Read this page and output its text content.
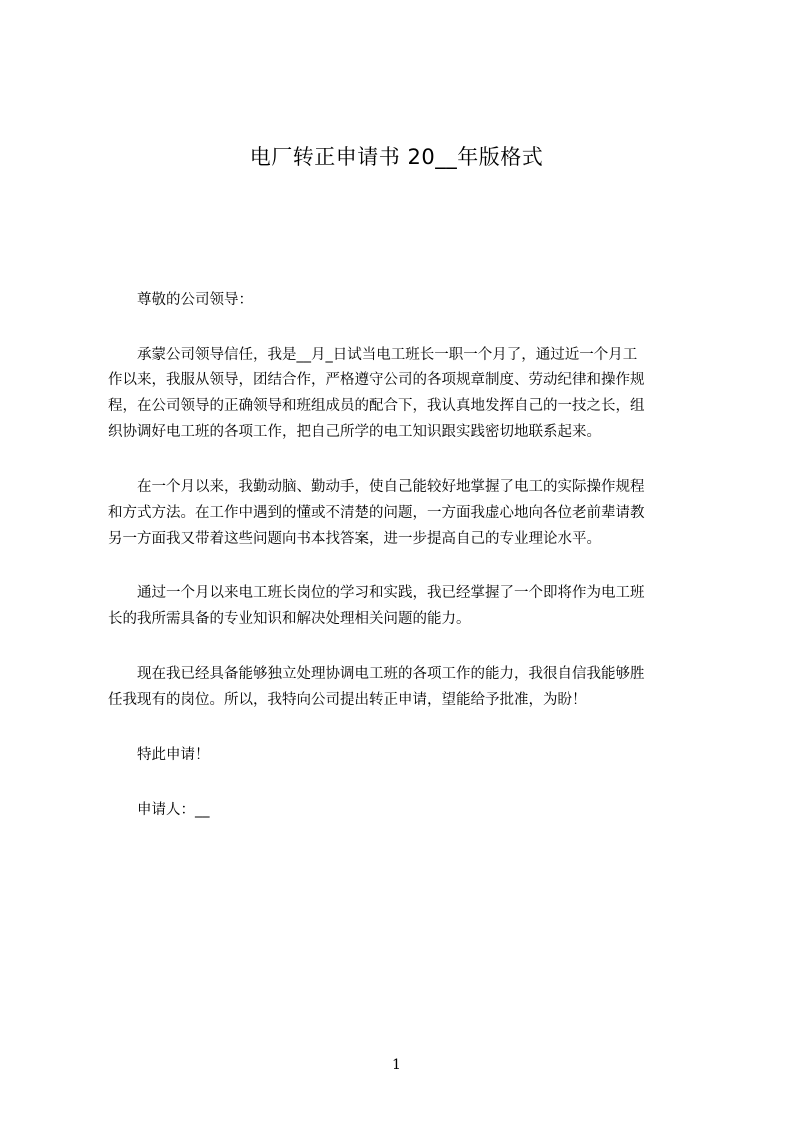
电厂转正申请书 20__年版格式
尊敬的公司领导：
承蒙公司领导信任，我是__月_日试当电工班长一职一个月了，通过近一个月工
作以来，我服从领导，团结合作，严格遵守公司的各项规章制度、劳动纪律和操作规
程，在公司领导的正确领导和班组成员的配合下，我认真地发挥自己的一技之长，组
织协调好电工班的各项工作，把自己所学的电工知识跟实践密切地联系起来。
在一个月以来，我勤动脑、勤动手，使自己能较好地掌握了电工的实际操作规程
和方式方法。在工作中遇到的懂或不清楚的问题，一方面我虚心地向各位老前辈请教
另一方面我又带着这些问题向书本找答案，进一步提高自己的专业理论水平。
通过一个月以来电工班长岗位的学习和实践，我已经掌握了一个即将作为电工班
长的我所需具备的专业知识和解决处理相关问题的能力。
现在我已经具备能够独立处理协调电工班的各项工作的能力，我很自信我能够胜
任我现有的岗位。所以，我特向公司提出转正申请，望能给予批准，为盼！
特此申请！
申请人：__
1
